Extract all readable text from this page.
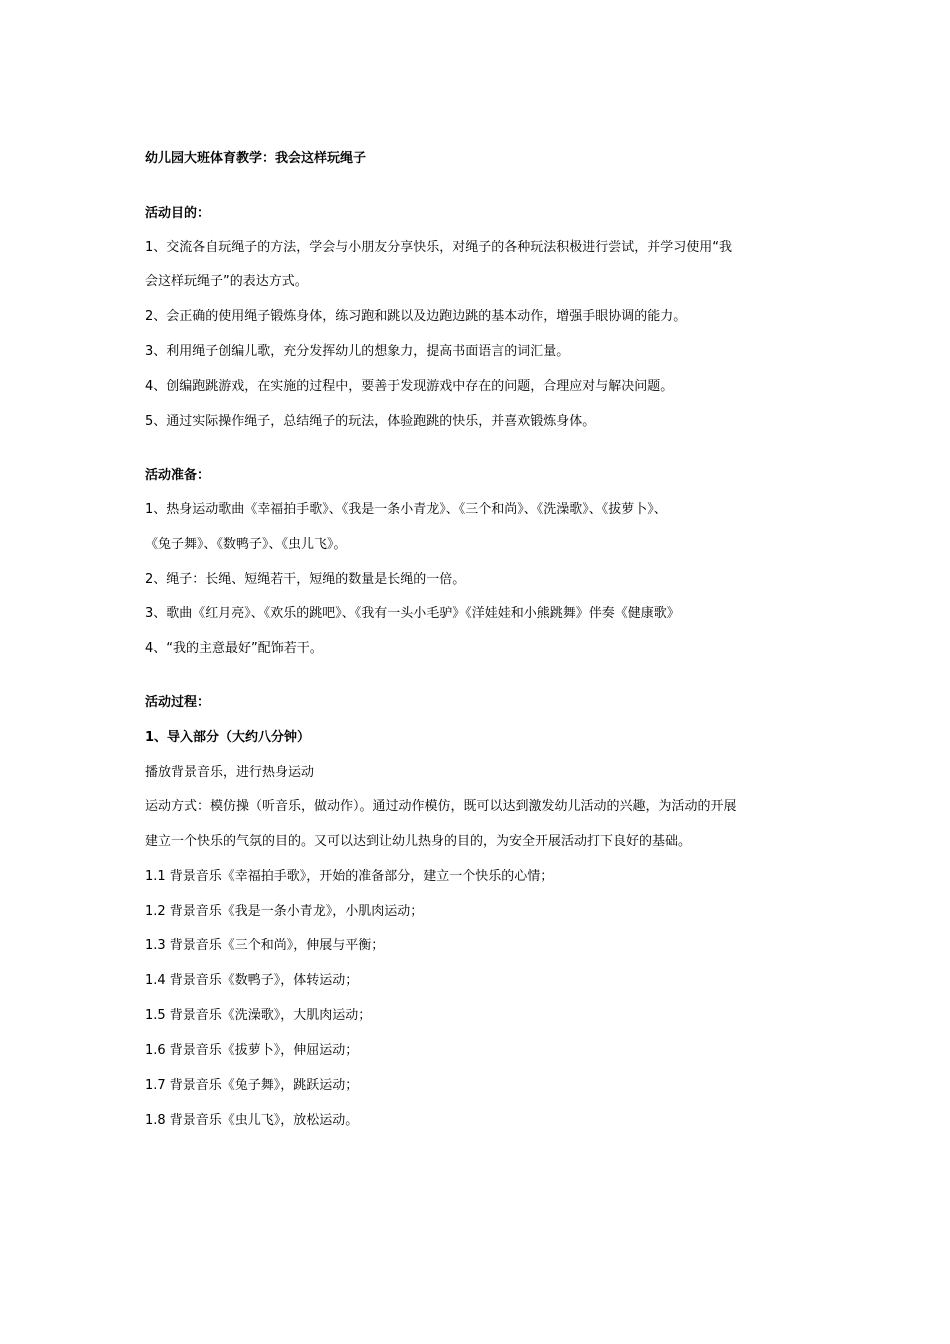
幼儿园大班体育教学：我会这样玩绳子
活动目的：
1、交流各自玩绳子的方法，学会与小朋友分享快乐，对绳子的各种玩法积极进行尝试，并学习使用“我
会这样玩绳子”的表达方式。
2、会正确的使用绳子锻炼身体，练习跑和跳以及边跑边跳的基本动作，增强手眼协调的能力。
3、利用绳子创编儿歌，充分发挥幼儿的想象力，提高书面语言的词汇量。
4、创编跑跳游戏，在实施的过程中，要善于发现游戏中存在的问题，合理应对与解决问题。
5、通过实际操作绳子，总结绳子的玩法，体验跑跳的快乐，并喜欢锻炼身体。
活动准备：
1、热身运动歌曲《幸福拍手歌》、《我是一条小青龙》、《三个和尚》、《洗澡歌》、《拔萝卜》、
《兔子舞》、《数鸭子》、《虫儿飞》。
2、绳子：长绳、短绳若干，短绳的数量是长绳的一倍。
3、歌曲《红月亮》、《欢乐的跳吧》、《我有一头小毛驴》《洋娃娃和小熊跳舞》伴奏《健康歌》
4、“我的主意最好”配饰若干。
活动过程：
1、导入部分（大约八分钟）
播放背景音乐，进行热身运动
运动方式：模仿操（听音乐，做动作）。通过动作模仿，既可以达到激发幼儿活动的兴趣，为活动的开展
建立一个快乐的气氛的目的。又可以达到让幼儿热身的目的，为安全开展活动打下良好的基础。
1.1 背景音乐《幸福拍手歌》，开始的准备部分，建立一个快乐的心情；
1.2 背景音乐《我是一条小青龙》，小肌肉运动；
1.3 背景音乐《三个和尚》，伸展与平衡；
1.4 背景音乐《数鸭子》，体转运动；
1.5 背景音乐《洗澡歌》，大肌肉运动；
1.6 背景音乐《拔萝卜》，伸屈运动；
1.7 背景音乐《兔子舞》，跳跃运动；
1.8 背景音乐《虫儿飞》，放松运动。
